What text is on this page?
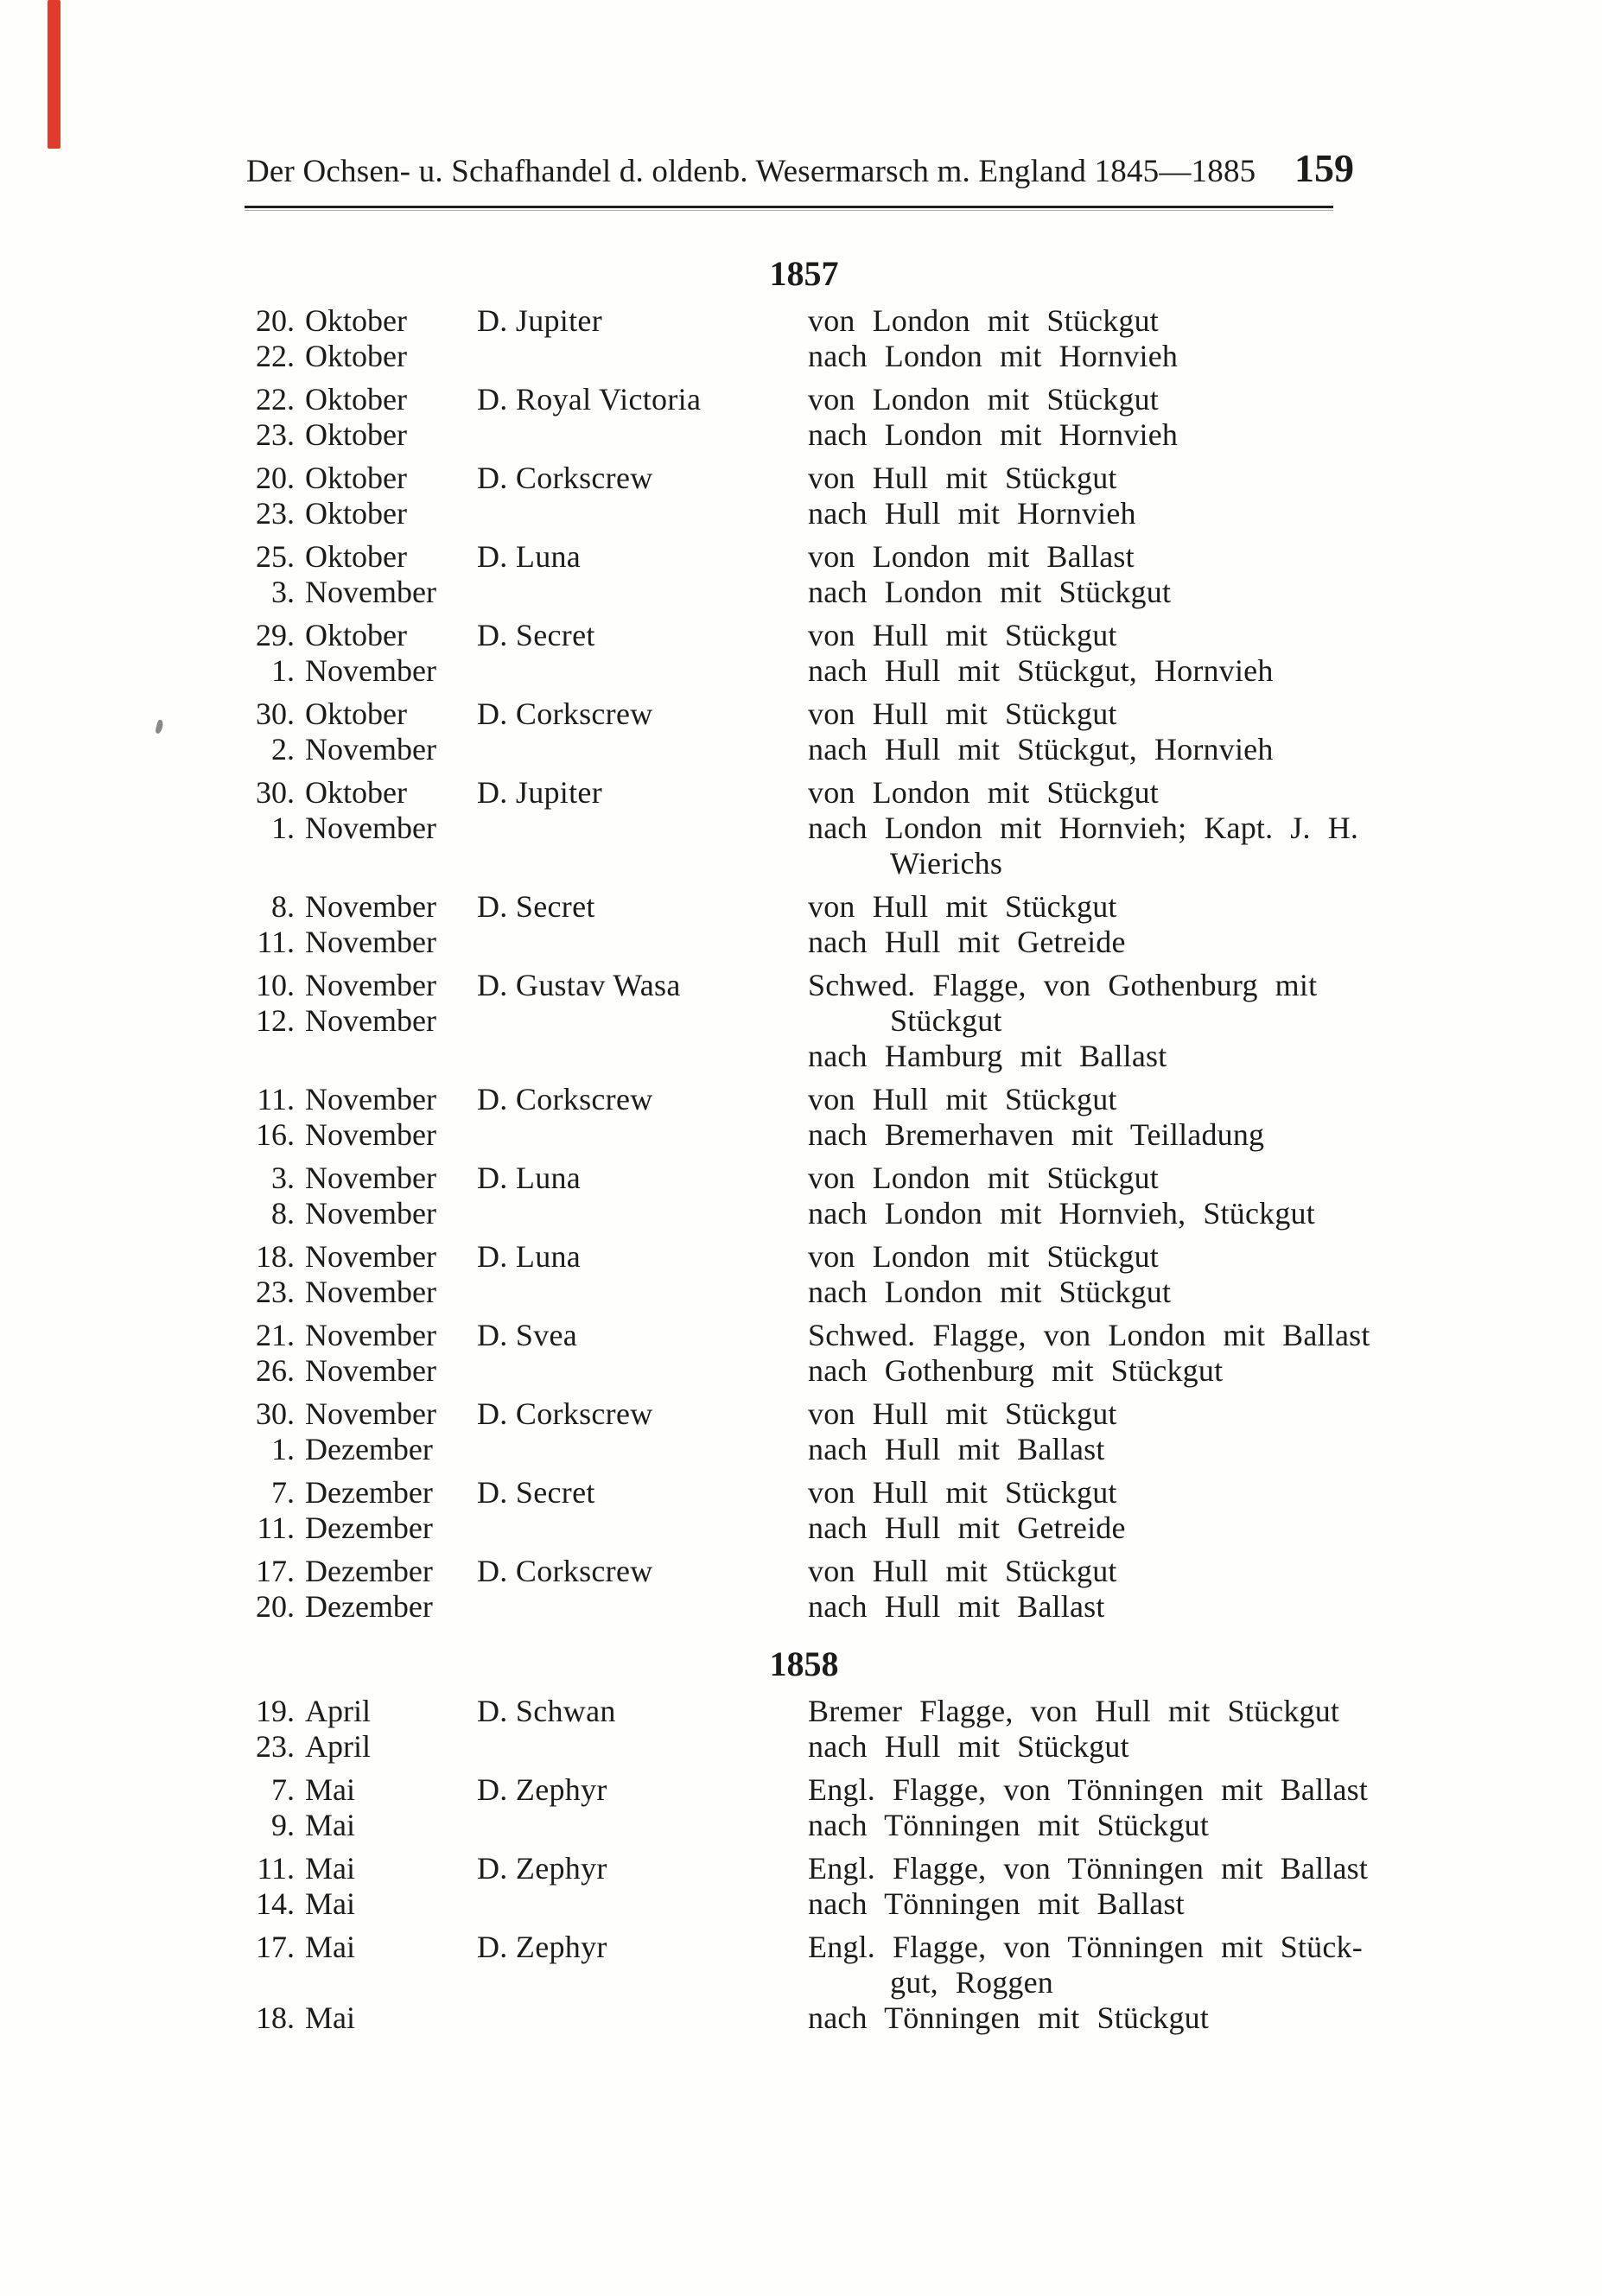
Der Ochsen- u. Schafhandel d. oldenb. Wesermarsch m. England 1845—1885 159
1857
20. Oktober D. Jupiter	von London mit Stückgut
22. Oktober	nach London mit Hornvieh
22. Oktober D. Royal Victoria	von London mit Stückgut
23. Oktober	nach London mit Hornvieh
20. Oktober D. Corkscrew	von Hull mit Stückgut
23. Oktober	nach Hull mit Hornvieh
25. Oktober D. Luna	von London mit Ballast
3. November	nach London mit Stückgut
29. Oktober D. Secret	von Hull mit Stückgut
1. November	nach Hull mit Stückgut, Hornvieh
30. Oktober D. Corkscrew	von Hull mit Stückgut
2. November	nach Hull mit Stückgut, Hornvieh
30. Oktober D. Jupiter	von London mit Stückgut
1. November	nach London mit Hornvieh; Kapt. J. H.
Wierichs
8. November D. Secret	von Hull mit Stückgut
11. November	nach Hull mit Getreide
10. November D. Gustav Wasa	Schwed. Flagge, von Gothenburg mit
12. November	Stückgut
nach Hamburg mit Ballast
11. November D. Corkscrew	von Hull mit Stückgut
16. November	nach Bremerhaven mit Teilladung
3. November D. Luna	von London mit Stückgut
8. November	nach London mit Hornvieh, Stückgut
18. November D. Luna	von London mit Stückgut
23. November	nach London mit Stückgut
21. November D. Svea	Schwed. Flagge, von London mit Ballast
26. November	nach Gothenburg mit Stückgut
30. November D. Corkscrew	von Hull mit Stückgut
1. Dezember	nach Hull mit Ballast
7. Dezember D. Secret	von Hull mit Stückgut
11. Dezember	nach Hull mit Getreide
17. Dezember D. Corkscrew	von Hull mit Stückgut
20. Dezember	nach Hull mit Ballast
1858
19. April	D. Schwan	Bremer Flagge, von Hull mit Stückgut
23. April	nach Hull mit Stückgut
7. Mai	D. Zephyr	Engl. Flagge, von Tönningen mit Ballast
9. Mai	nach Tönningen mit Stückgut
11. Mai	D. Zephyr	Engl. Flagge, von Tönningen mit Ballast
14. Mai	nach Tönningen mit Ballast
17. Mai	D. Zephyr	Engl. Flagge, von Tönningen mit Stück-
gut, Roggen
18. Mai	nach Tönningen mit Stückgut
